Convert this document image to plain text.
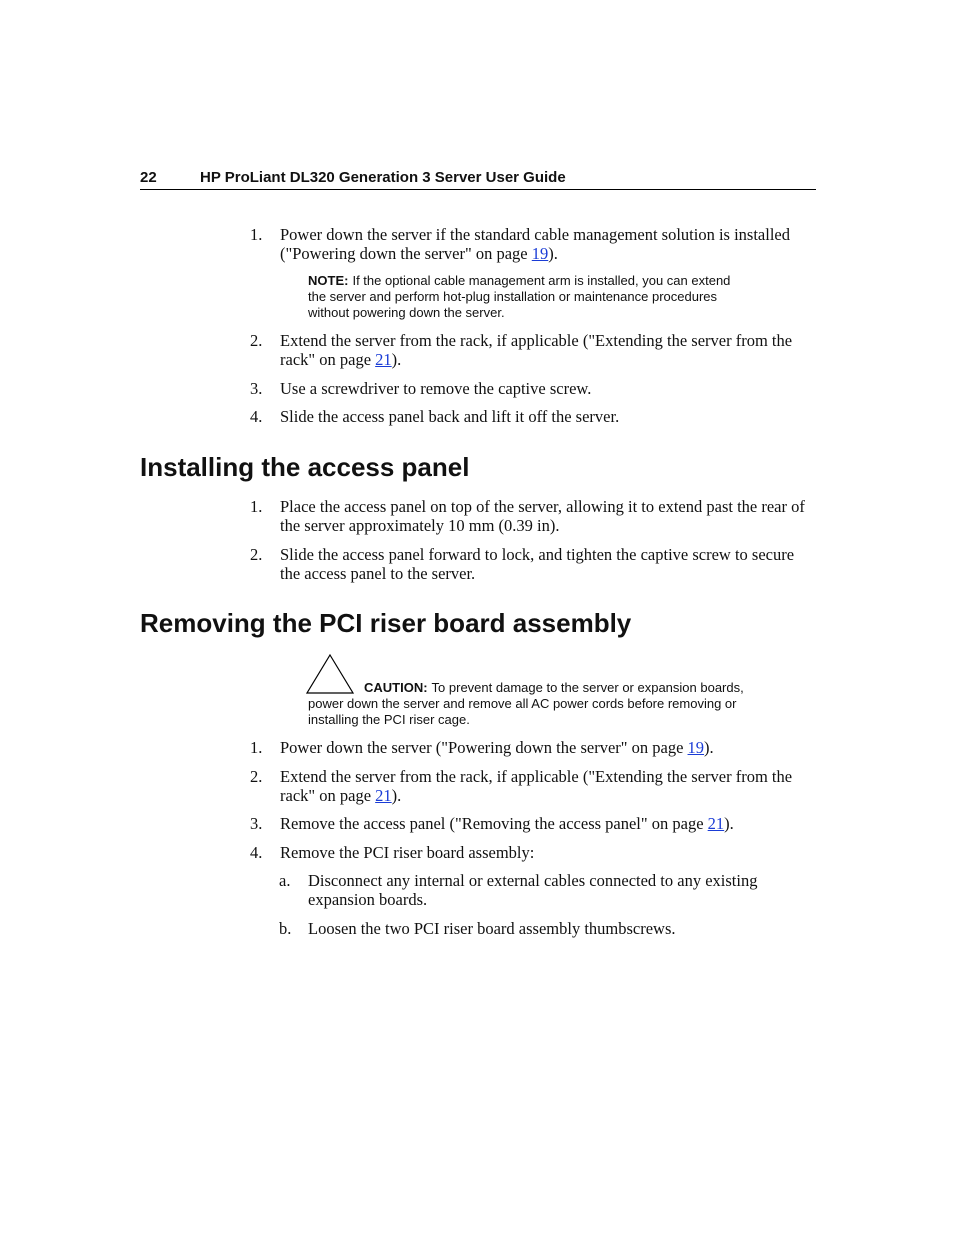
22	HP ProLiant DL320 Generation 3 Server User Guide
1.	Power down the server if the standard cable management solution is installed ("Powering down the server" on page 19).
NOTE: If the optional cable management arm is installed, you can extend the server and perform hot-plug installation or maintenance procedures without powering down the server.
2.	Extend the server from the rack, if applicable ("Extending the server from the rack" on page 21).
3.	Use a screwdriver to remove the captive screw.
4.	Slide the access panel back and lift it off the server.
Installing the access panel
1.	Place the access panel on top of the server, allowing it to extend past the rear of the server approximately 10 mm (0.39 in).
2.	Slide the access panel forward to lock, and tighten the captive screw to secure the access panel to the server.
Removing the PCI riser board assembly
CAUTION: To prevent damage to the server or expansion boards, power down the server and remove all AC power cords before removing or installing the PCI riser cage.
1.	Power down the server ("Powering down the server" on page 19).
2.	Extend the server from the rack, if applicable ("Extending the server from the rack" on page 21).
3.	Remove the access panel ("Removing the access panel" on page 21).
4.	Remove the PCI riser board assembly:
a. Disconnect any internal or external cables connected to any existing expansion boards.
b. Loosen the two PCI riser board assembly thumbscrews.
